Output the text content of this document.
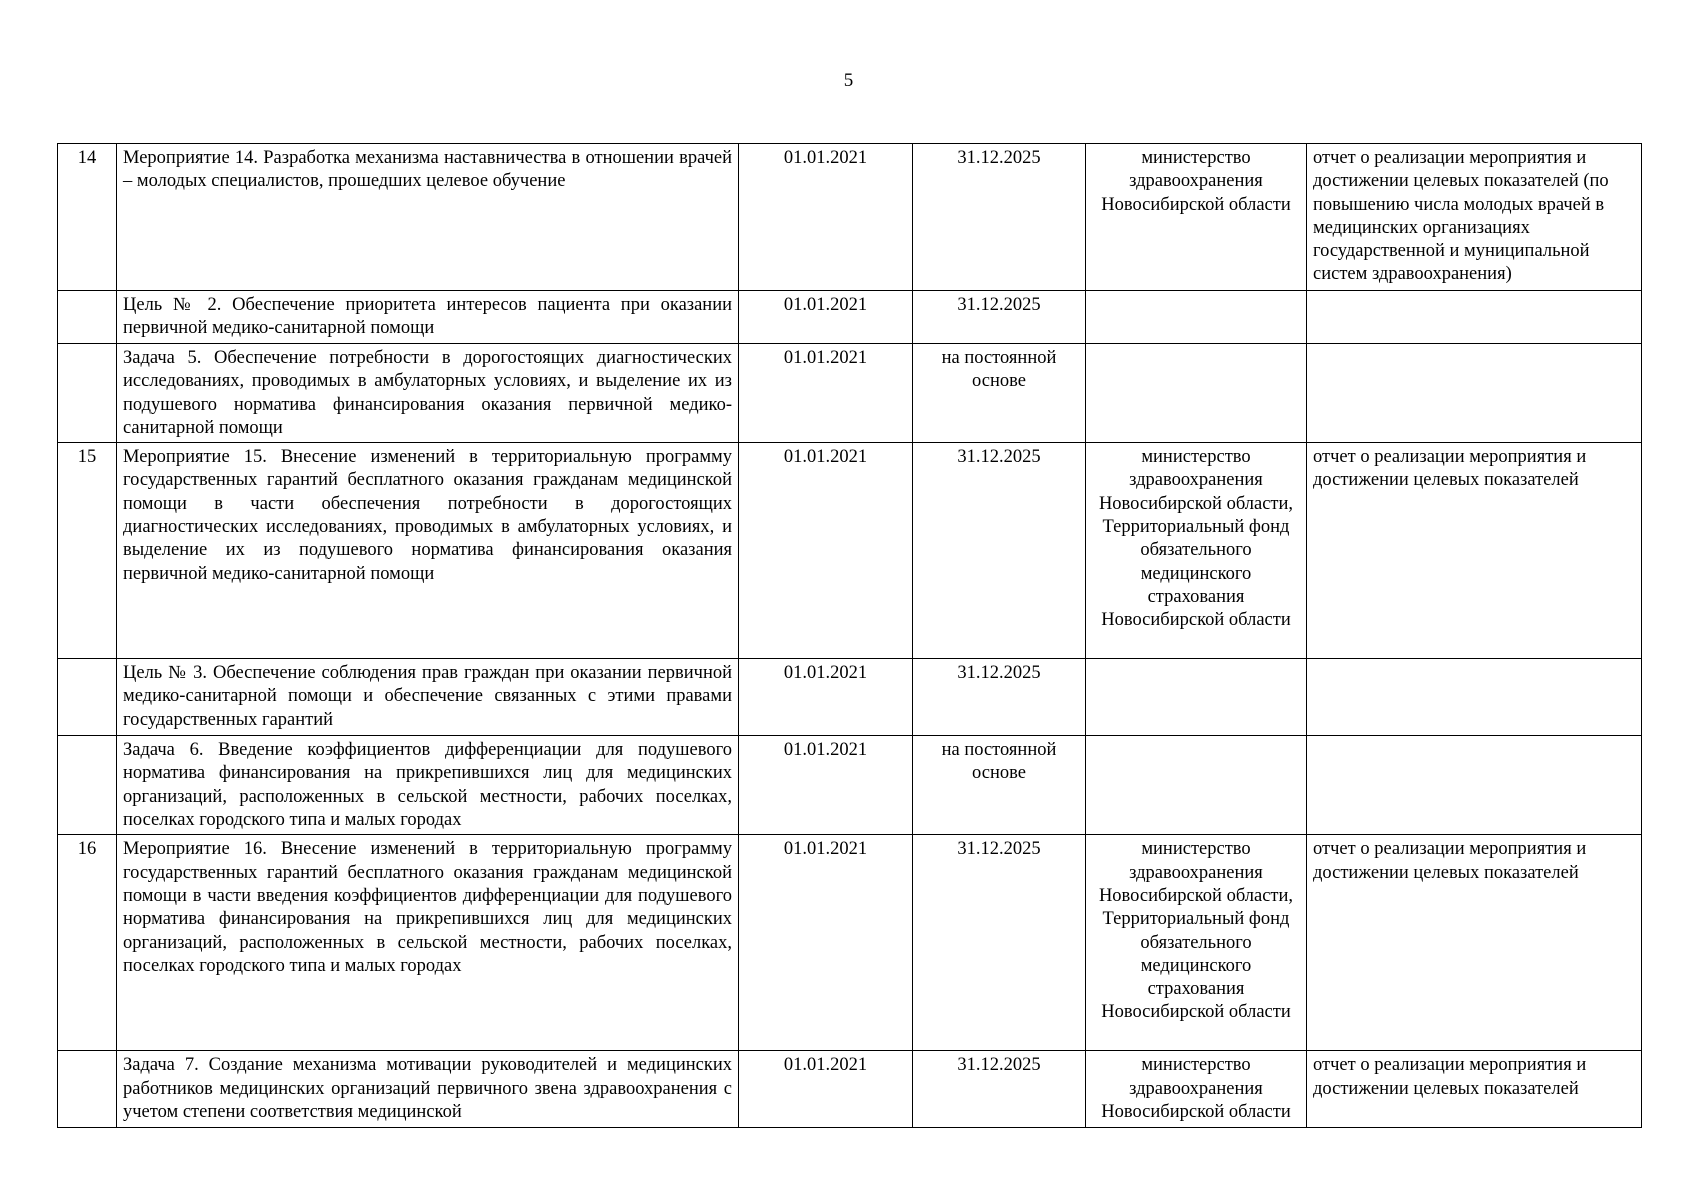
5
14	Мероприятие 14. Разработка механизма наставничества в отношении врачей – молодых специалистов, прошедших целевое обучение	01.01.2021	31.12.2025	министерство здравоохранения Новосибирской области	отчет о реализации мероприятия и достижении целевых показателей (по повышению числа молодых врачей в медицинских организациях государственной и муниципальной систем здравоохранения)
	Цель № 2. Обеспечение приоритета интересов пациента при оказании первичной медико-санитарной помощи	01.01.2021	31.12.2025		
	Задача 5. Обеспечение потребности в дорогостоящих диагностических исследованиях, проводимых в амбулаторных условиях, и выделение их из подушевого норматива финансирования оказания первичной медико-санитарной помощи	01.01.2021	на постоянной основе		
15	Мероприятие 15. Внесение изменений в территориальную программу государственных гарантий бесплатного оказания гражданам медицинской помощи в части обеспечения потребности в дорогостоящих диагностических исследованиях, проводимых в амбулаторных условиях, и выделение их из подушевого норматива финансирования оказания первичной медико-санитарной помощи	01.01.2021	31.12.2025	министерство здравоохранения Новосибирской области, Территориальный фонд обязательного медицинского страхования Новосибирской области	отчет о реализации мероприятия и достижении целевых показателей
	Цель № 3. Обеспечение соблюдения прав граждан при оказании первичной медико-санитарной помощи и обеспечение связанных с этими правами государственных гарантий	01.01.2021	31.12.2025		
	Задача 6. Введение коэффициентов дифференциации для подушевого норматива финансирования на прикрепившихся лиц для медицинских организаций, расположенных в сельской местности, рабочих поселках, поселках городского типа и малых городах	01.01.2021	на постоянной основе		
16	Мероприятие 16. Внесение изменений в территориальную программу государственных гарантий бесплатного оказания гражданам медицинской помощи в части введения коэффициентов дифференциации для подушевого норматива финансирования на прикрепившихся лиц для медицинских организаций, расположенных в сельской местности, рабочих поселках, поселках городского типа и малых городах	01.01.2021	31.12.2025	министерство здравоохранения Новосибирской области, Территориальный фонд обязательного медицинского страхования Новосибирской области	отчет о реализации мероприятия и достижении целевых показателей
	Задача 7. Создание механизма мотивации руководителей и медицинских работников медицинских организаций первичного звена здравоохранения с учетом степени соответствия медицинской	01.01.2021	31.12.2025	министерство здравоохранения Новосибирской области	отчет о реализации мероприятия и достижении целевых показателей
